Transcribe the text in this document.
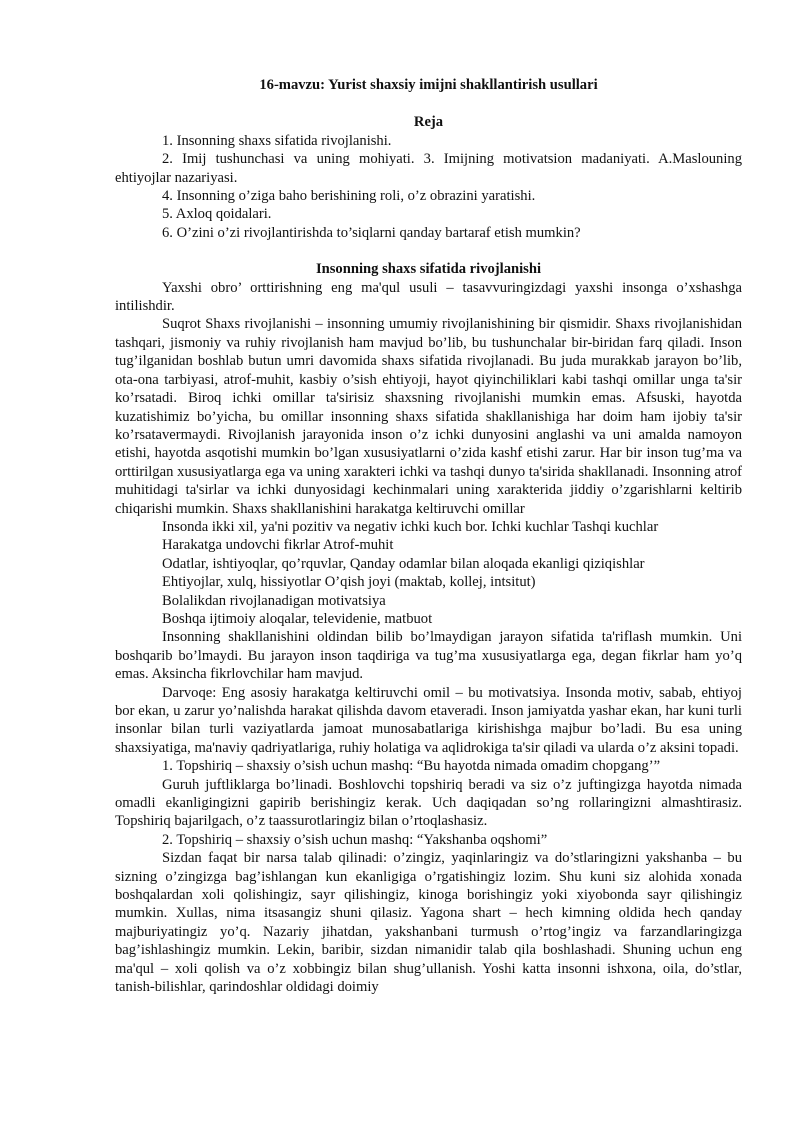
16-mavzu: Yurist shaxsiy imijni shakllantirish usullari
Reja

1. Insonning shaxs sifatida rivojlanishi.

2. Imij tushunchasi va uning mohiyati. 3. Imijning motivatsion madaniyati. A.Maslouning ehtiyojlar nazariyasi.

4. Insonning o’ziga baho berishining roli, o’z obrazini yaratishi.

5. Axloq qoidalari.

6. O’zini o’zi rivojlantirishda to’siqlarni qanday bartaraf etish mumkin?

Insonning shaxs sifatida rivojlanishi

Yaxshi obro’ orttirishning eng ma'qul usuli – tasavvuringizdagi yaxshi insonga o’xshashga intilishdir.

Suqrot Shaxs rivojlanishi – insonning umumiy rivojlanishining bir qismidir. Shaxs rivojlanishidan tashqari, jismoniy va ruhiy rivojlanish ham mavjud bo’lib, bu tushunchalar bir-biridan farq qiladi. Inson tug’ilganidan boshlab butun umri davomida shaxs sifatida rivojlanadi. Bu juda murakkab jarayon bo’lib, ota-ona tarbiyasi, atrof-muhit, kasbiy o’sish ehtiyoji, hayot qiyinchiliklari kabi tashqi omillar unga ta'sir ko’rsatadi. Biroq ichki omillar ta'sirisiz shaxsning rivojlanishi mumkin emas. Afsuski, hayotda kuzatishimiz bo’yicha, bu omillar insonning shaxs sifatida shakllanishiga har doim ham ijobiy ta'sir ko’rsatavermaydi. Rivojlanish jarayonida inson o’z ichki dunyosini anglashi va uni amalda namoyon etishi, hayotda asqotishi mumkin bo’lgan xususiyatlarni o’zida kashf etishi zarur. Har bir inson tug’ma va orttirilgan xususiyatlarga ega va uning xarakteri ichki va tashqi dunyo ta'sirida shakllanadi. Insonning atrof muhitidagi ta'sirlar va ichki dunyosidagi kechinmalari uning xarakterida jiddiy o’zgarishlarni keltirib chiqarishi mumkin. Shaxs shakllanishini harakatga keltiruvchi omillar

Insonda ikki xil, ya'ni pozitiv va negativ ichki kuch bor. Ichki kuchlar Tashqi kuchlar

Harakatga undovchi fikrlar Atrof-muhit

Odatlar, ishtiyoqlar, qo’rquvlar, Qanday odamlar bilan aloqada ekanligi qiziqishlar

Ehtiyojlar, xulq, hissiyotlar O’qish joyi (maktab, kollej, intsitut)

Bolalikdan rivojlanadigan motivatsiya

Boshqa ijtimoiy aloqalar, televidenie, matbuot

Insonning shakllanishini oldindan bilib bo’lmaydigan jarayon sifatida ta'riflash mumkin. Uni boshqarib bo’lmaydi. Bu jarayon inson taqdiriga va tug’ma xususiyatlarga ega, degan fikrlar ham yo’q emas. Aksincha fikrlovchilar ham mavjud.

Darvoqe: Eng asosiy harakatga keltiruvchi omil – bu motivatsiya. Insonda motiv, sabab, ehtiyoj bor ekan, u zarur yo’nalishda harakat qilishda davom etaveradi. Inson jamiyatda yashar ekan, har kuni turli insonlar bilan turli vaziyatlarda jamoat munosabatlariga kirishishga majbur bo’ladi. Bu esa uning shaxsiyatiga, ma'naviy qadriyatlariga, ruhiy holatiga va aqlidrokiga ta'sir qiladi va ularda o’z aksini topadi.

1. Topshiriq – shaxsiy o’sish uchun mashq: “Bu hayotda nimada omadim chopgang’”

Guruh juftliklarga bo’linadi. Boshlovchi topshiriq beradi va siz o’z juftingizga hayotda nimada omadli ekanligingizni gapirib berishingiz kerak. Uch daqiqadan so’ng rollaringizni almashtirasiz. Topshiriq bajarilgach, o’z taassurotlaringiz bilan o’rtoqlashasiz.

2. Topshiriq – shaxsiy o’sish uchun mashq: “Yakshanba oqshomi”

Sizdan faqat bir narsa talab qilinadi: o’zingiz, yaqinlaringiz va do’stlaringizni yakshanba – bu sizning o’zingizga bag’ishlangan kun ekanligiga o’rgatishingiz lozim. Shu kuni siz alohida xonada boshqalardan xoli qolishingiz, sayr qilishingiz, kinoga borishingiz yoki xiyobonda sayr qilishingiz mumkin. Xullas, nima itsasangiz shuni qilasiz. Yagona shart – hech kimning oldida hech qanday majburiyatingiz yo’q. Nazariy jihatdan, yakshanbani turmush o’rtog’ingiz va farzandlaringizga bag’ishlashingiz mumkin. Lekin, baribir, sizdan nimanidir talab qila boshlashadi. Shuning uchun eng ma'qul – xoli qolish va o’z xobbingiz bilan shug’ullanish. Yoshi katta insonni ishxona, oila, do’stlar, tanish-bilishlar, qarindoshlar oldidagi doimiy
